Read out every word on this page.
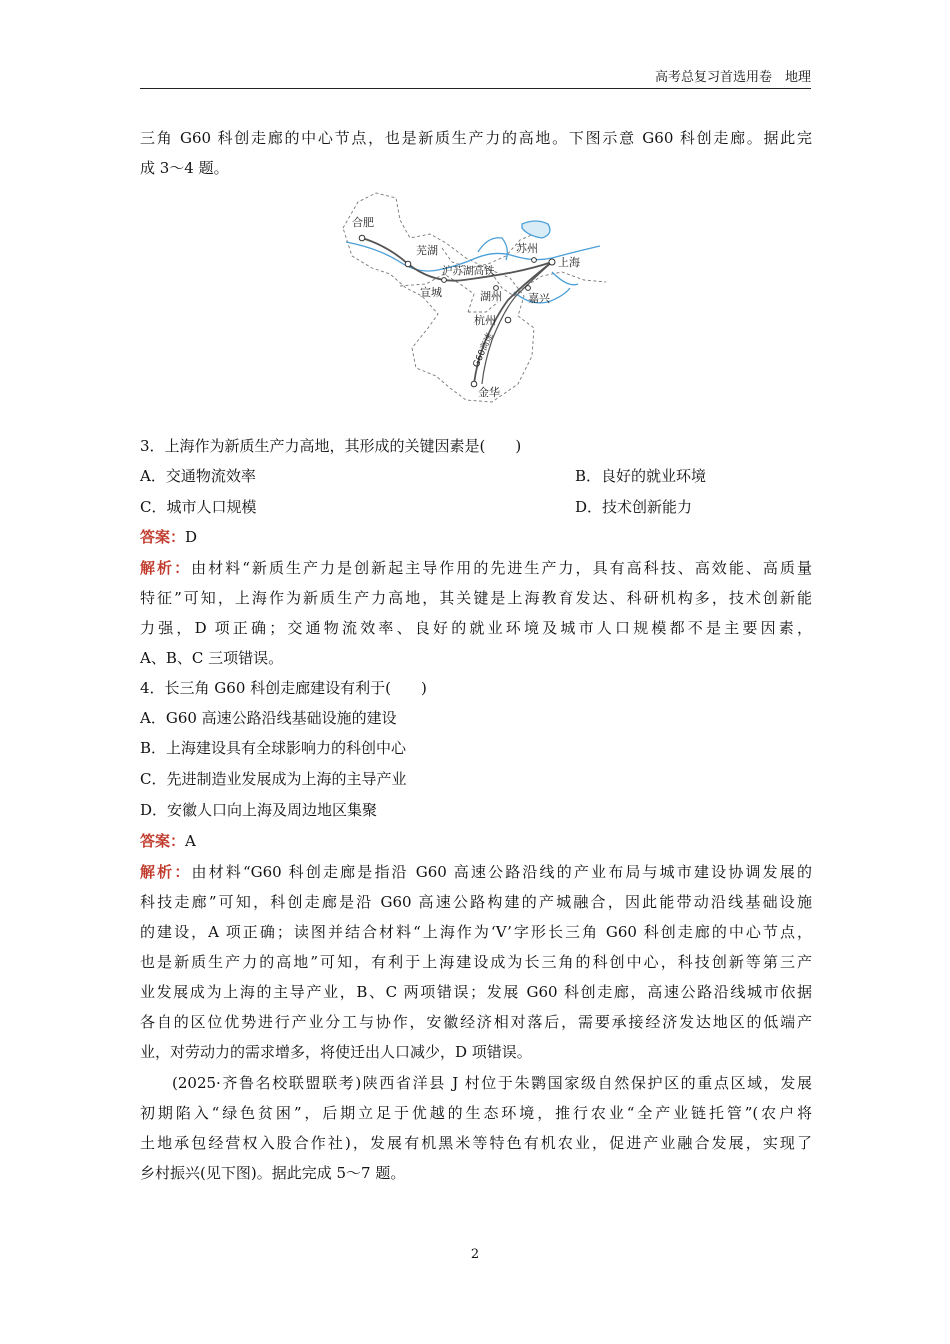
高考总复习首选用卷　地理
三角 G60 科创走廊的中心节点，也是新质生产力的高地。下图示意 G60 科创走廊。据此完
成 3～4 题。
合肥
芜湖	苏州
上海
沪苏湖高铁
宣城	湖州 嘉兴
杭州
G60高速
金华
3．上海作为新质生产力高地，其形成的关键因素是(　　)
A．交通物流效率	B．良好的就业环境
C．城市人口规模	D．技术创新能力
答案：D
解析：由材料“新质生产力是创新起主导作用的先进生产力，具有高科技、高效能、高质量
特征”可知，上海作为新质生产力高地，其关键是上海教育发达、科研机构多，技术创新能
力强，D 项正确；交通物流效率、良好的就业环境及城市人口规模都不是主要因素，
A、B、C 三项错误。
4．长三角 G60 科创走廊建设有利于(　　)
A．G60 高速公路沿线基础设施的建设
B．上海建设具有全球影响力的科创中心
C．先进制造业发展成为上海的主导产业
D．安徽人口向上海及周边地区集聚
答案：A
解析：由材料“G60 科创走廊是指沿 G60 高速公路沿线的产业布局与城市建设协调发展的
科技走廊”可知，科创走廊是沿 G60 高速公路构建的产城融合，因此能带动沿线基础设施
的建设，A 项正确；读图并结合材料“上海作为‘V’字形长三角 G60 科创走廊的中心节点，
也是新质生产力的高地”可知，有利于上海建设成为长三角的科创中心，科技创新等第三产
业发展成为上海的主导产业，B、C 两项错误；发展 G60 科创走廊，高速公路沿线城市依据
各自的区位优势进行产业分工与协作，安徽经济相对落后，需要承接经济发达地区的低端产
业，对劳动力的需求增多，将使迁出人口减少，D 项错误。
(2025·齐鲁名校联盟联考)陕西省洋县 J 村位于朱鹮国家级自然保护区的重点区域，发展
初期陷入“绿色贫困”，后期立足于优越的生态环境，推行农业“全产业链托管”(农户将
土地承包经营权入股合作社)，发展有机黑米等特色有机农业，促进产业融合发展，实现了
乡村振兴(见下图)。据此完成 5～7 题。
2
